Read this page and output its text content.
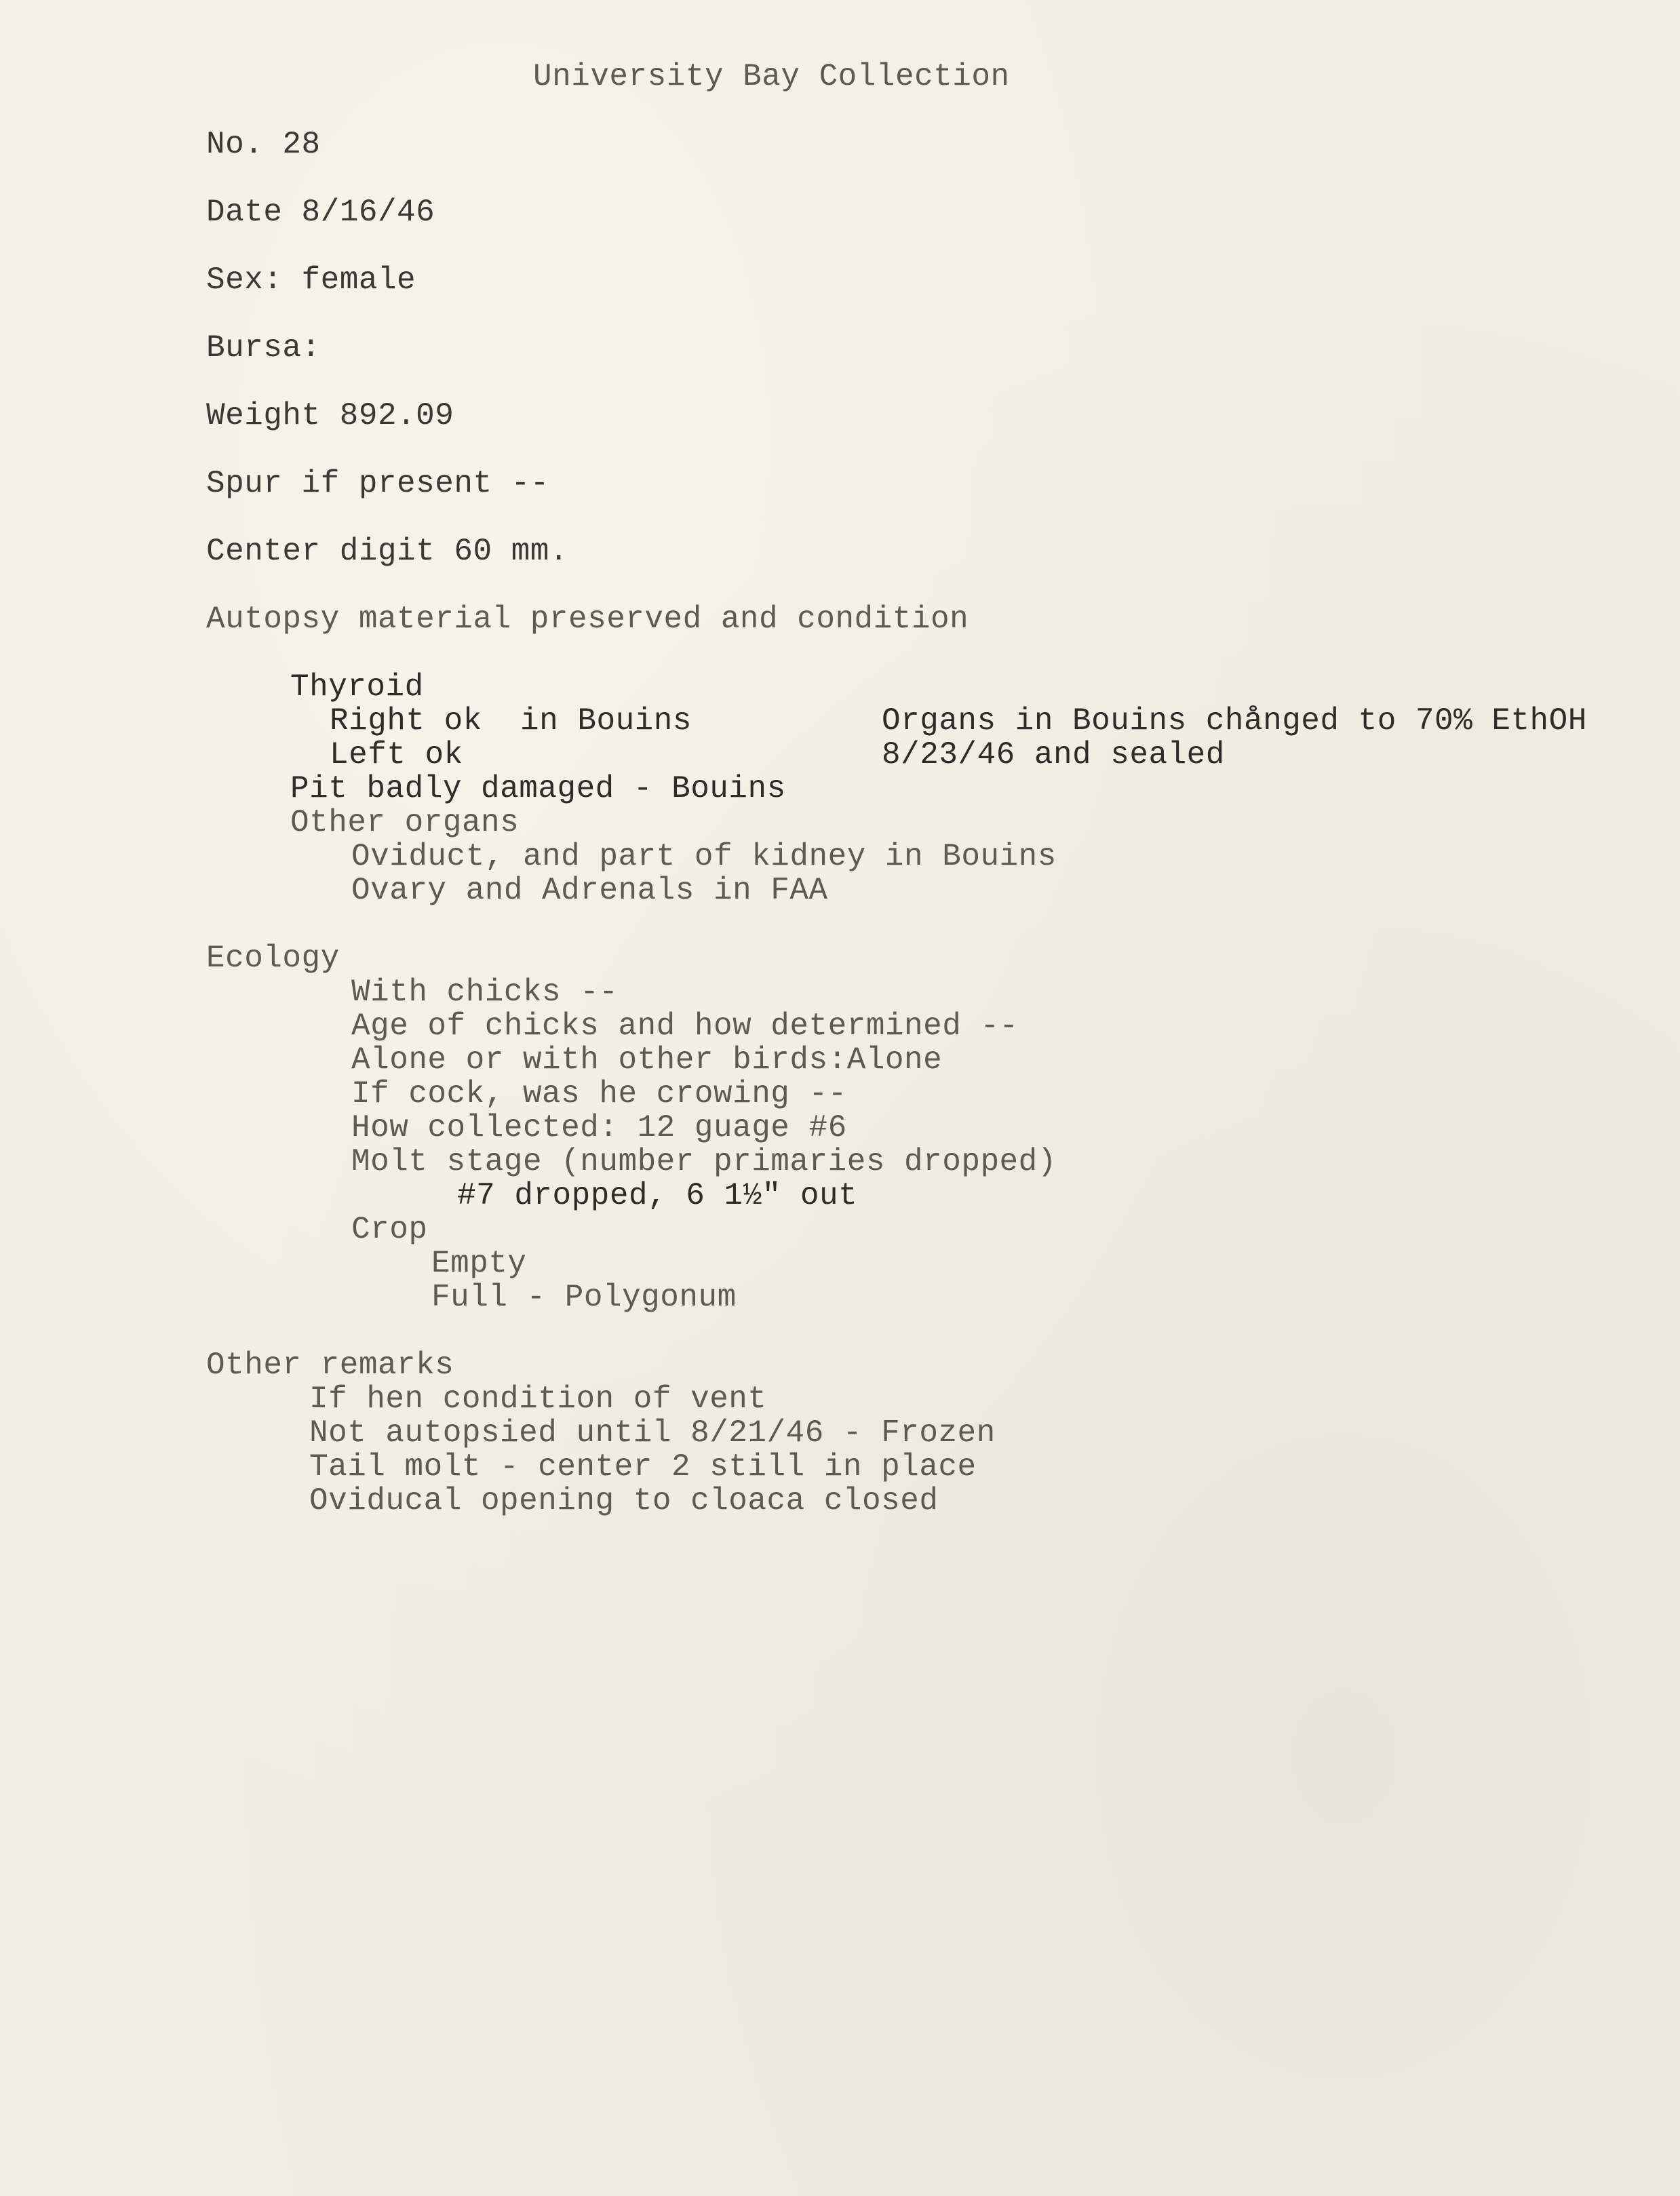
University Bay Collection
No. 28
Date 8/16/46
Sex: female
Bursa:
Weight 892.09
Spur if present --
Center digit 60 mm.
Autopsy material preserved and condition
Thyroid
Right ok  in Bouins
Left ok
Organs in Bouins chånged to 70% EthOH
8/23/46 and sealed
Pit badly damaged - Bouins
Other organs
Oviduct, and part of kidney in Bouins
Ovary and Adrenals in FAA
Ecology
With chicks --
Age of chicks and how determined --
Alone or with other birds:Alone
If cock, was he crowing --
How collected: 12 guage #6
Molt stage (number primaries dropped)
#7 dropped, 6 1½" out
Crop
Empty
Full - Polygonum
Other remarks
If hen condition of vent
Not autopsied until 8/21/46 - Frozen
Tail molt - center 2 still in place
Oviducal opening to cloaca closed
